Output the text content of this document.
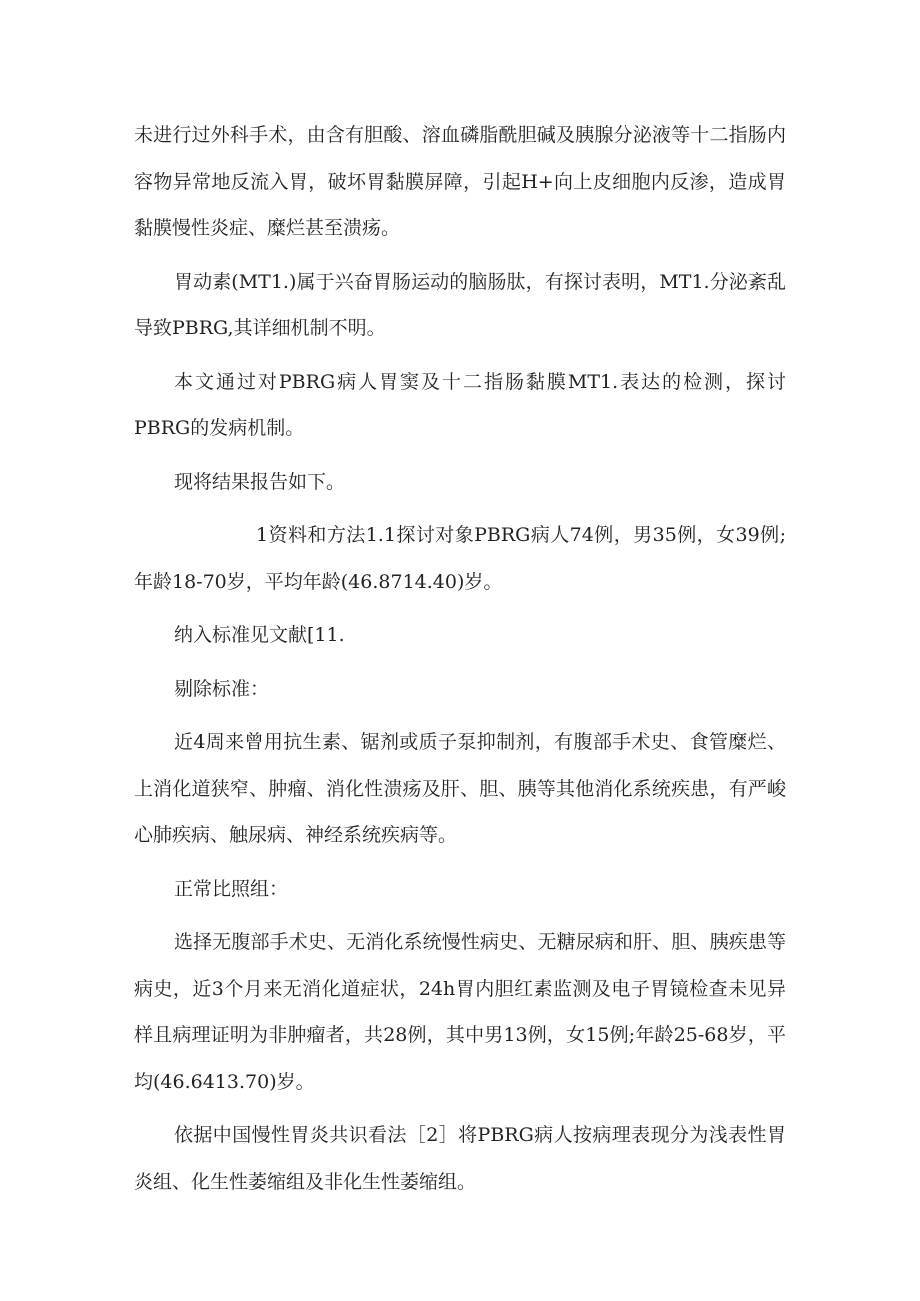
未进行过外科手术，由含有胆酸、溶血磷脂酰胆碱及胰腺分泌液等十二指肠内容物异常地反流入胃，破坏胃黏膜屏障，引起H+向上皮细胞内反渗，造成胃黏膜慢性炎症、糜烂甚至溃疡。

胃动素(MT1.)属于兴奋胃肠运动的脑肠肽，有探讨表明，MT1.分泌紊乱导致PBRG,其详细机制不明。

本文通过对PBRG病人胃窦及十二指肠黏膜MT1.表达的检测，探讨PBRG的发病机制。

现将结果报告如下。

1资料和方法1.1探讨对象PBRG病人74例，男35例，女39例;年龄18-70岁，平均年龄(46.8714.40)岁。

纳入标准见文献[11.

剔除标准：

近4周来曾用抗生素、锯剂或质子泵抑制剂，有腹部手术史、食管糜烂、上消化道狭窄、肿瘤、消化性溃疡及肝、胆、胰等其他消化系统疾患，有严峻心肺疾病、触尿病、神经系统疾病等。

正常比照组：

选择无腹部手术史、无消化系统慢性病史、无糖尿病和肝、胆、胰疾患等病史，近3个月来无消化道症状，24h胃内胆红素监测及电子胃镜检查未见异样且病理证明为非肿瘤者，共28例，其中男13例，女15例;年龄25-68岁，平均(46.6413.70)岁。

依据中国慢性胃炎共识看法［2］将PBRG病人按病理表现分为浅表性胃炎组、化生性萎缩组及非化生性萎缩组。
